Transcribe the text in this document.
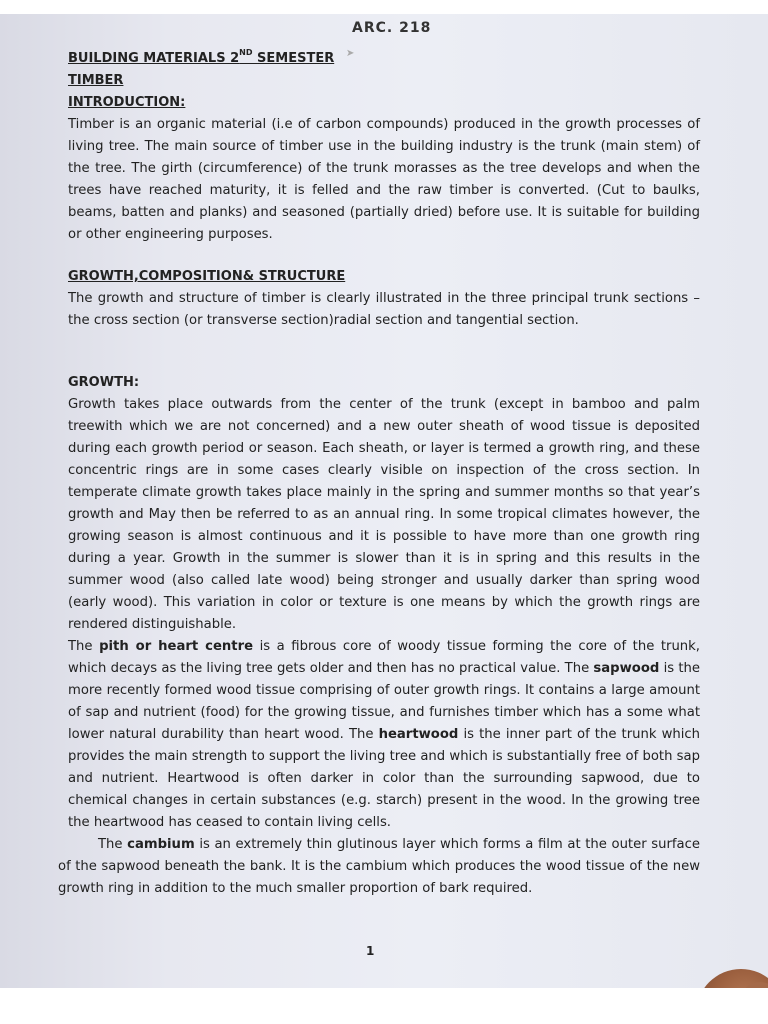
ARC. 218
➤
BUILDING MATERIALS 2ND SEMESTER
TIMBER
INTRODUCTION:

Timber is an organic material (i.e of carbon compounds) produced in the growth processes of living tree. The main source of timber use in the building industry is the trunk (main stem) of the tree. The girth (circumference) of the trunk morasses as the tree develops and when the trees have reached maturity, it is felled and the raw timber is converted. (Cut to baulks, beams, batten and planks) and seasoned (partially dried) before use. It is suitable for building or other engineering purposes.

GROWTH,COMPOSITION& STRUCTURE

The growth and structure of timber is clearly illustrated in the three principal trunk sections – the cross section (or transverse section)radial section and tangential section.

GROWTH:

Growth takes place outwards from the center of the trunk (except in bamboo and palm treewith which we are not concerned) and a new outer sheath of wood tissue is deposited during each growth period or season. Each sheath, or layer is termed a growth ring, and these concentric rings are in some cases clearly visible on inspection of the cross section. In temperate climate growth takes place mainly in the spring and summer months so that year’s growth and May then be referred to as an annual ring. In some tropical climates however, the growing season is almost continuous and it is possible to have more than one growth ring during a year. Growth in the summer is slower than it is in spring and this results in the summer wood (also called late wood) being stronger and usually darker than spring wood (early wood). This variation in color or texture is one means by which the growth rings are rendered distinguishable.

The pith or heart centre is a fibrous core of woody tissue forming the core of the trunk, which decays as the living tree gets older and then has no practical value. The sapwood is the more recently formed wood tissue comprising of outer growth rings. It contains a large amount of sap and nutrient (food) for the growing tissue, and furnishes timber which has a some what lower natural durability than heart wood. The heartwood is the inner part of the trunk which provides the main strength to support the living tree and which is substantially free of both sap and nutrient. Heartwood is often darker in color than the surrounding sapwood, due to chemical changes in certain substances (e.g. starch) present in the wood. In the growing tree the heartwood has ceased to contain living cells.

The cambium is an extremely thin glutinous layer which forms a film at the outer surface of the sapwood beneath the bank. It is the cambium which produces the wood tissue of the new growth ring in addition to the much smaller proportion of bark required.

1
